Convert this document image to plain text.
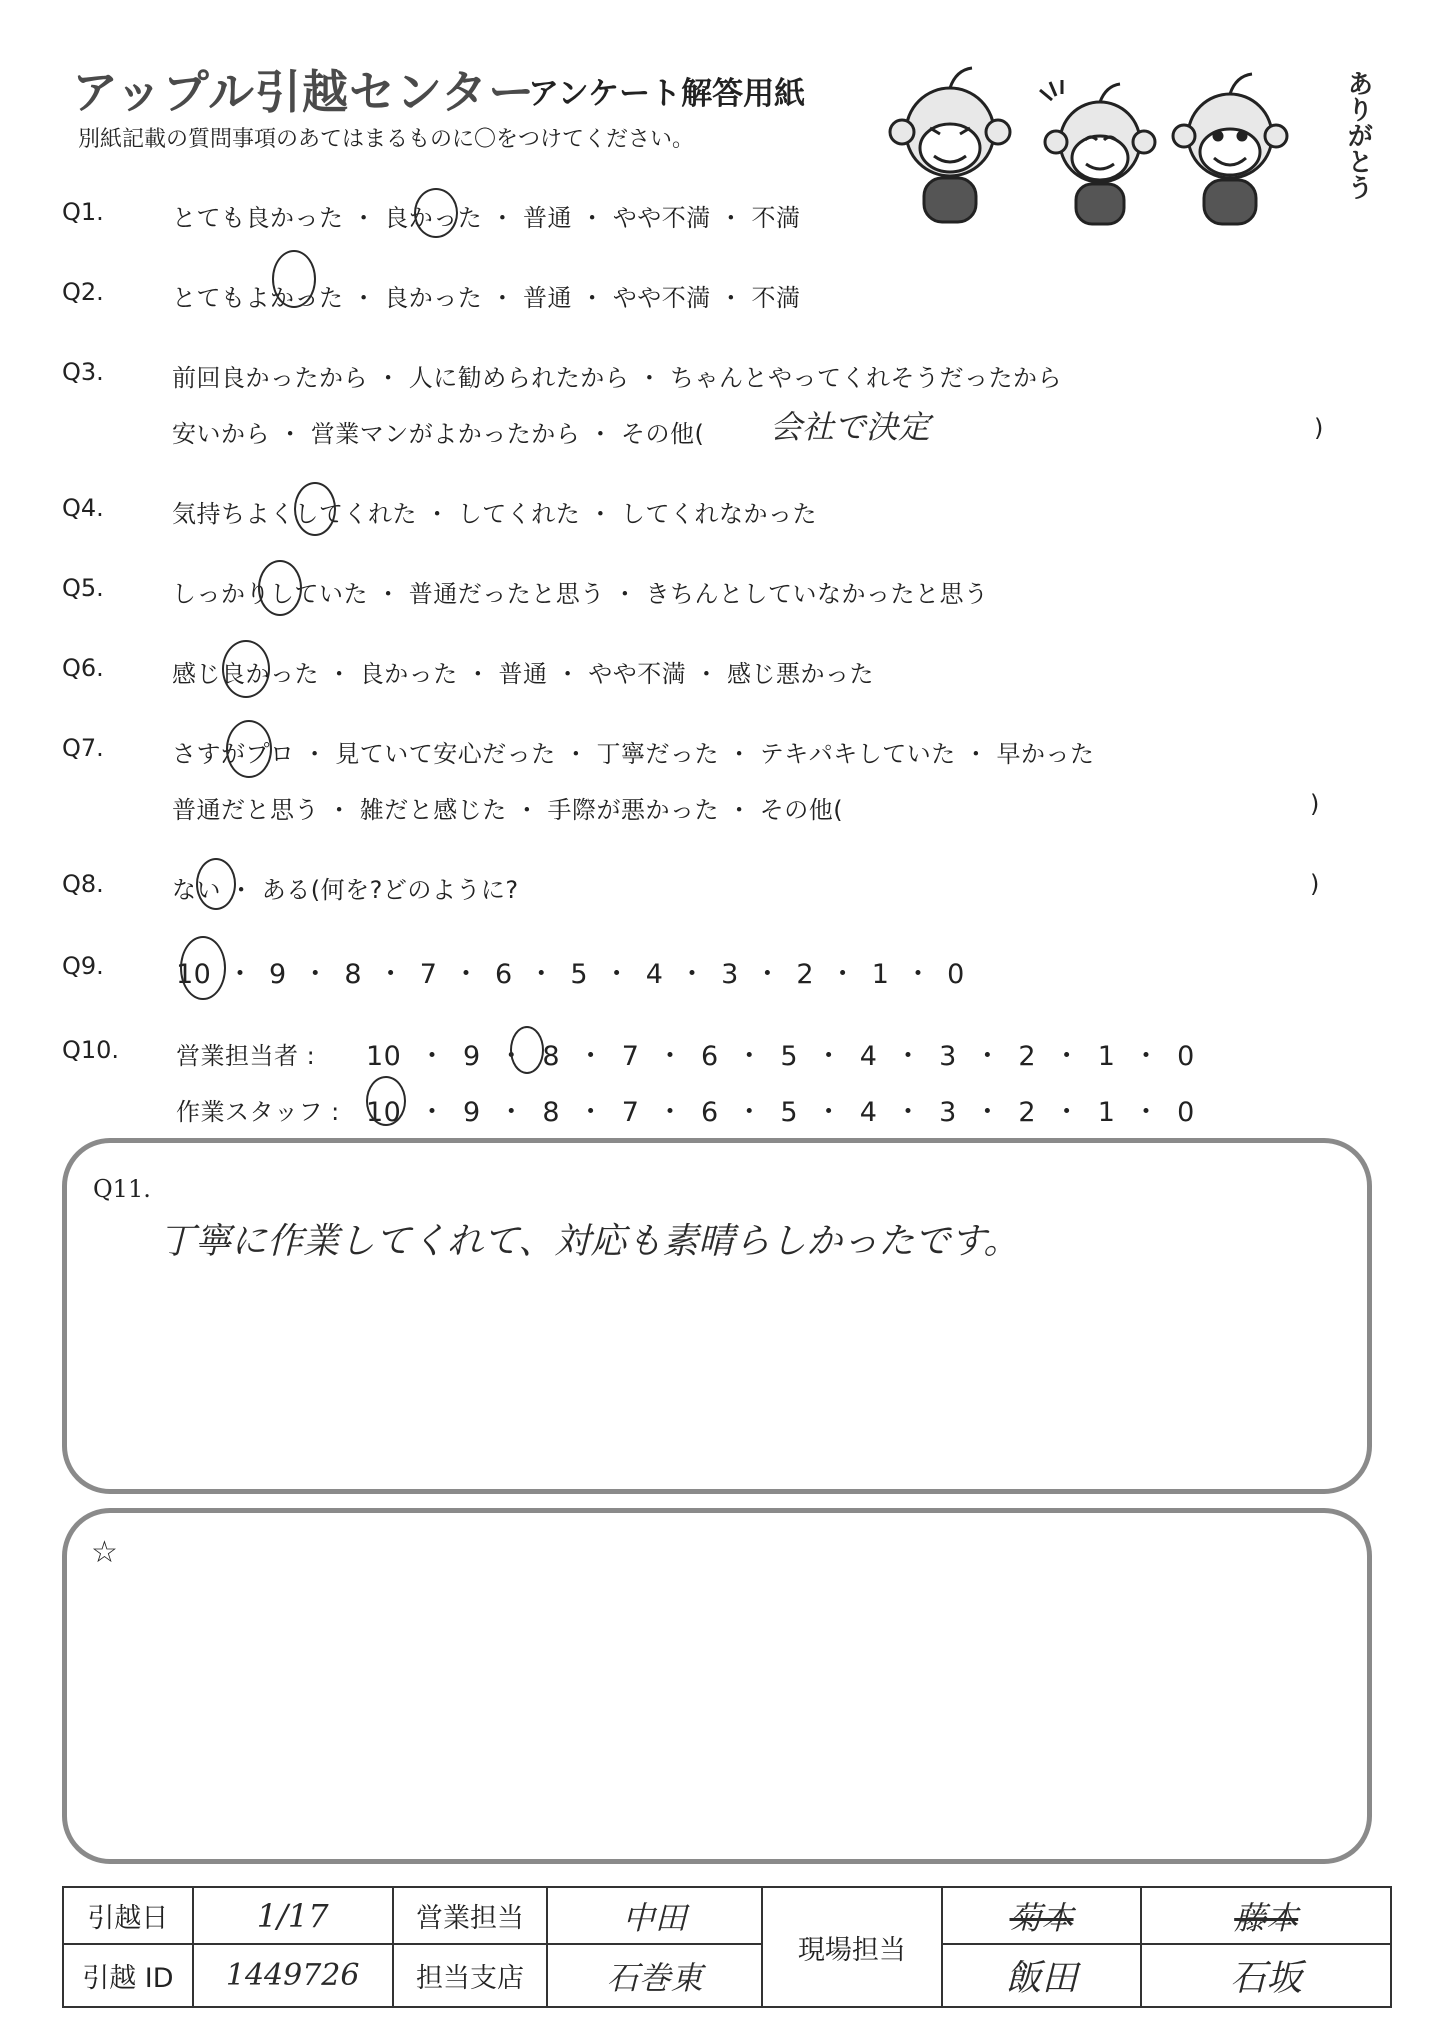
アップル引越センター
アンケート解答用紙
別紙記載の質問事項のあてはまるものに〇をつけてください。	ありがとう
Q1.	とても良かった ・ 良かった ・ 普通 ・ やや不満 ・ 不満
Q2.	とてもよかった ・ 良かった ・ 普通 ・ やや不満 ・ 不満
Q3.	前回良かったから ・ 人に勧められたから ・ ちゃんとやってくれそうだったから
安いから ・ 営業マンがよかったから ・ その他( 会社で決定	)
Q4.	気持ちよくしてくれた ・ してくれた ・ してくれなかった
Q5.	しっかりしていた ・ 普通だったと思う ・ きちんとしていなかったと思う
Q6.	感じ良かった ・ 良かった ・ 普通 ・ やや不満 ・ 感じ悪かった
Q7.	さすがプロ ・ 見ていて安心だった ・ 丁寧だった ・ テキパキしていた ・ 早かった
普通だと思う ・ 雑だと感じた ・ 手際が悪かった ・ その他(	)
Q8.	ない ・ ある(何を?どのように?	)
Q9.	10 ・ 9 ・ 8 ・ 7 ・ 6 ・ 5 ・ 4 ・ 3 ・ 2 ・ 1 ・ 0
Q10. 営業担当者 : 10 ・ 9 ・ 8 ・ 7 ・ 6 ・ 5 ・ 4 ・ 3 ・ 2 ・ 1 ・ 0
作業スタッフ : 10 ・ 9 ・ 8 ・ 7 ・ 6 ・ 5 ・ 4 ・ 3 ・ 2 ・ 1 ・ 0
Q11.
丁寧に作業してくれて、対応も素晴らしかったです。
☆
引越日	1/17	営業担当	中田	現場担当	菊本	藤本
引越 ID	1449726	担当支店	石巻東		飯田	石坂
